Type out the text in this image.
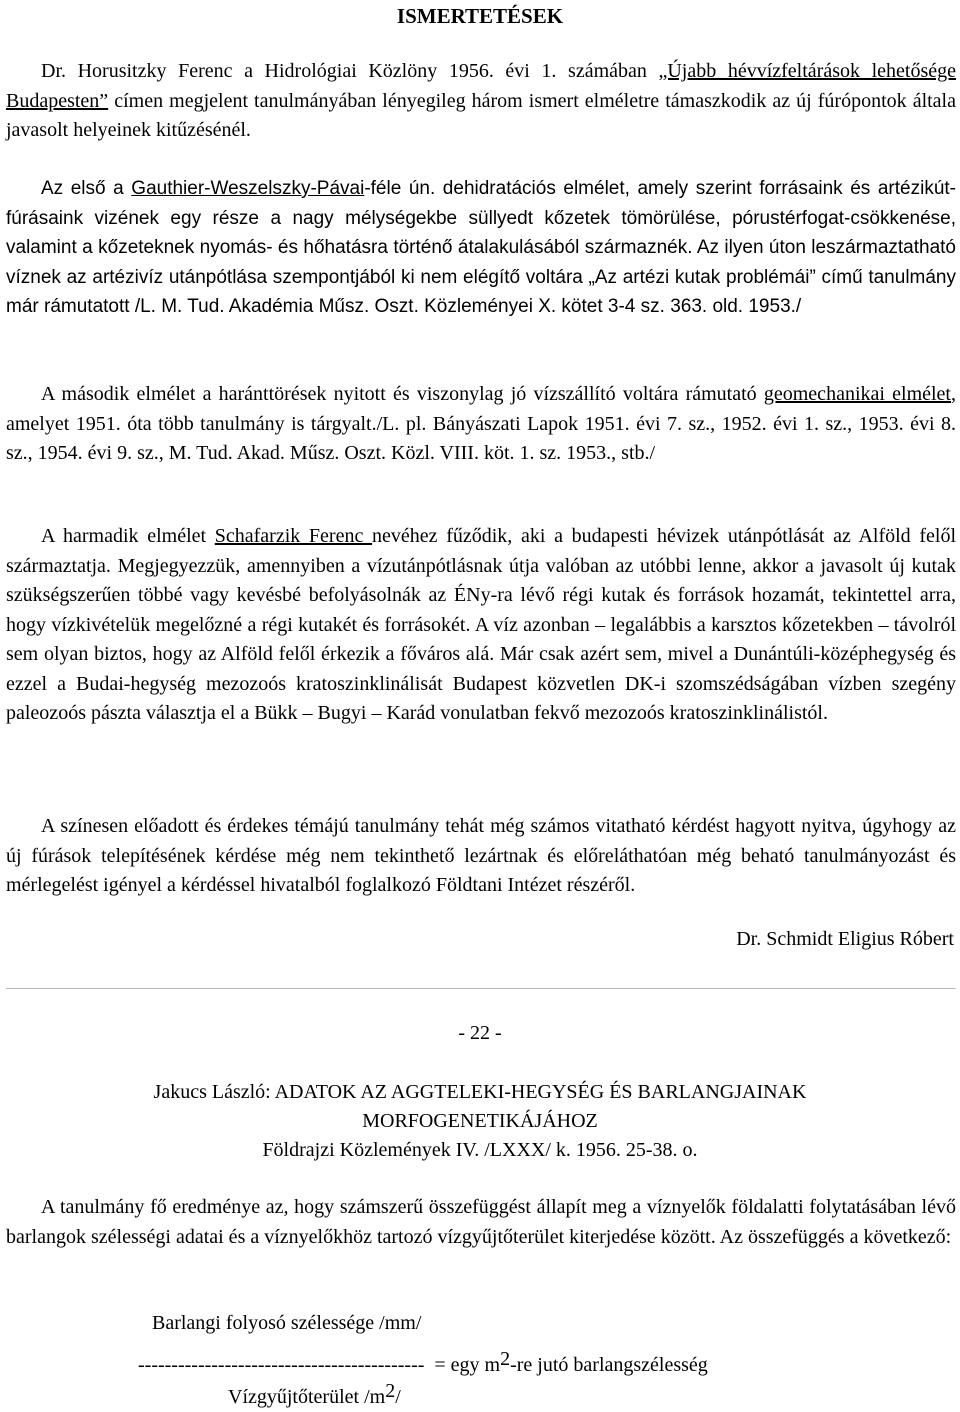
ISMERTETÉSEK
Dr. Horusitzky Ferenc a Hidrológiai Közlöny 1956. évi 1. számában „Újabb hévvízfeltárások lehetősége Budapesten” címen megjelent tanulmányában lényegileg három ismert elméletre támaszkodik az új fúrópontok általa javasolt helyeinek kitűzésénél.
Az első a Gauthier-Weszelszky-Pávai-féle ún. dehidratációs elmélet, amely szerint forrásaink és artézikút-fúrásaink vizének egy része a nagy mélységekbe süllyedt kőzetek tömörülése, pórustérfogat-csökkenése, valamint a kőzeteknek nyomás- és hőhatásra történő átalakulásából származnék. Az ilyen úton leszármaztatható víznek az artézivíz utánpótlása szempontjából ki nem elégítő voltára „Az artézi kutak problémái” című tanulmány már rámutatott /L. M. Tud. Akadémia Műsz. Oszt. Közleményei X. kötet 3-4 sz. 363. old. 1953./
A második elmélet a haránttörések nyitott és viszonylag jó vízszállító voltára rámutató geomechanikai elmélet, amelyet 1951. óta több tanulmány is tárgyalt./L. pl. Bányászati Lapok 1951. évi 7. sz., 1952. évi 1. sz., 1953. évi 8. sz., 1954. évi 9. sz., M. Tud. Akad. Műsz. Oszt. Közl. VIII. köt. 1. sz. 1953., stb./
A harmadik elmélet Schafarzik Ferenc nevéhez fűződik, aki a budapesti hévizek utánpótlását az Alföld felől származtatja. Megjegyezzük, amennyiben a vízutánpótlásnak útja valóban az utóbbi lenne, akkor a javasolt új kutak szükségszerűen többé vagy kevésbé befolyásolnák az ÉNy-ra lévő régi kutak és források hozamát, tekintettel arra, hogy vízkivételük megelőzné a régi kutakét és forrásokét. A víz azonban – legalábbis a karsztos kőzetekben – távolról sem olyan biztos, hogy az Alföld felől érkezik a főváros alá. Már csak azért sem, mivel a Dunántúli-középhegység és ezzel a Budai-hegység mezozoós kratoszinklinálisát Budapest közvetlen DK-i szomszédságában vízben szegény paleozoós pászta választja el a Bükk – Bugyi – Karád vonulatban fekvő mezozoós kratoszinklinálistól.
A színesen előadott és érdekes témájú tanulmány tehát még számos vitatható kérdést hagyott nyitva, úgyhogy az új fúrások telepítésének kérdése még nem tekinthető lezártnak és előreláthatóan még beható tanulmányozást és mérlegelést igényel a kérdéssel hivatalból foglalkozó Földtani Intézet részéről.
Dr. Schmidt Eligius Róbert
- 22 -
Jakucs László: ADATOK AZ AGGTELEKI-HEGYSÉG ÉS BARLANGJAINAK
MORFOGENETIKÁJÁHOZ
Földrajzi Közlemények IV. /LXXX/ k. 1956. 25-38. o.
A tanulmány fő eredménye az, hogy számszerű összefüggést állapít meg a víznyelők földalatti folytatásában lévő barlangok szélességi adatai és a víznyelőkhöz tartozó vízgyűjtőterület kiterjedése között. Az összefüggés a következő:
Barlangi folyosó szélessége /mm/
------------------------------------------- = egy $m^2-re$ jutó barlangszélesség
Vízgyűjtőterület $/m^2/$
